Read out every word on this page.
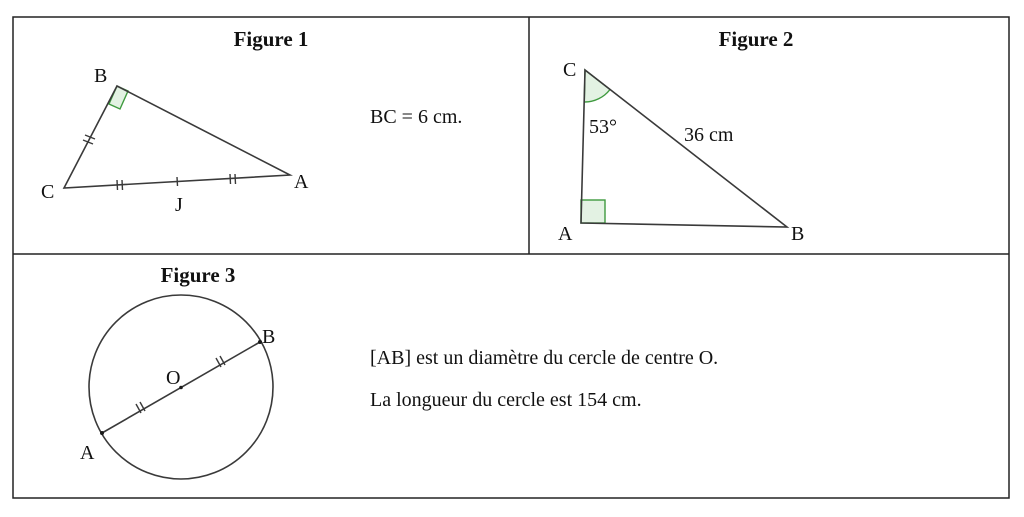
Figure 1
B
C	A
J
BC = 6 cm.
Figure 2
C
A	B
53°	36 cm
Figure 3
A
B
O
[AB] est un diamètre du cercle de centre O.
La longueur du cercle est 154 cm.
